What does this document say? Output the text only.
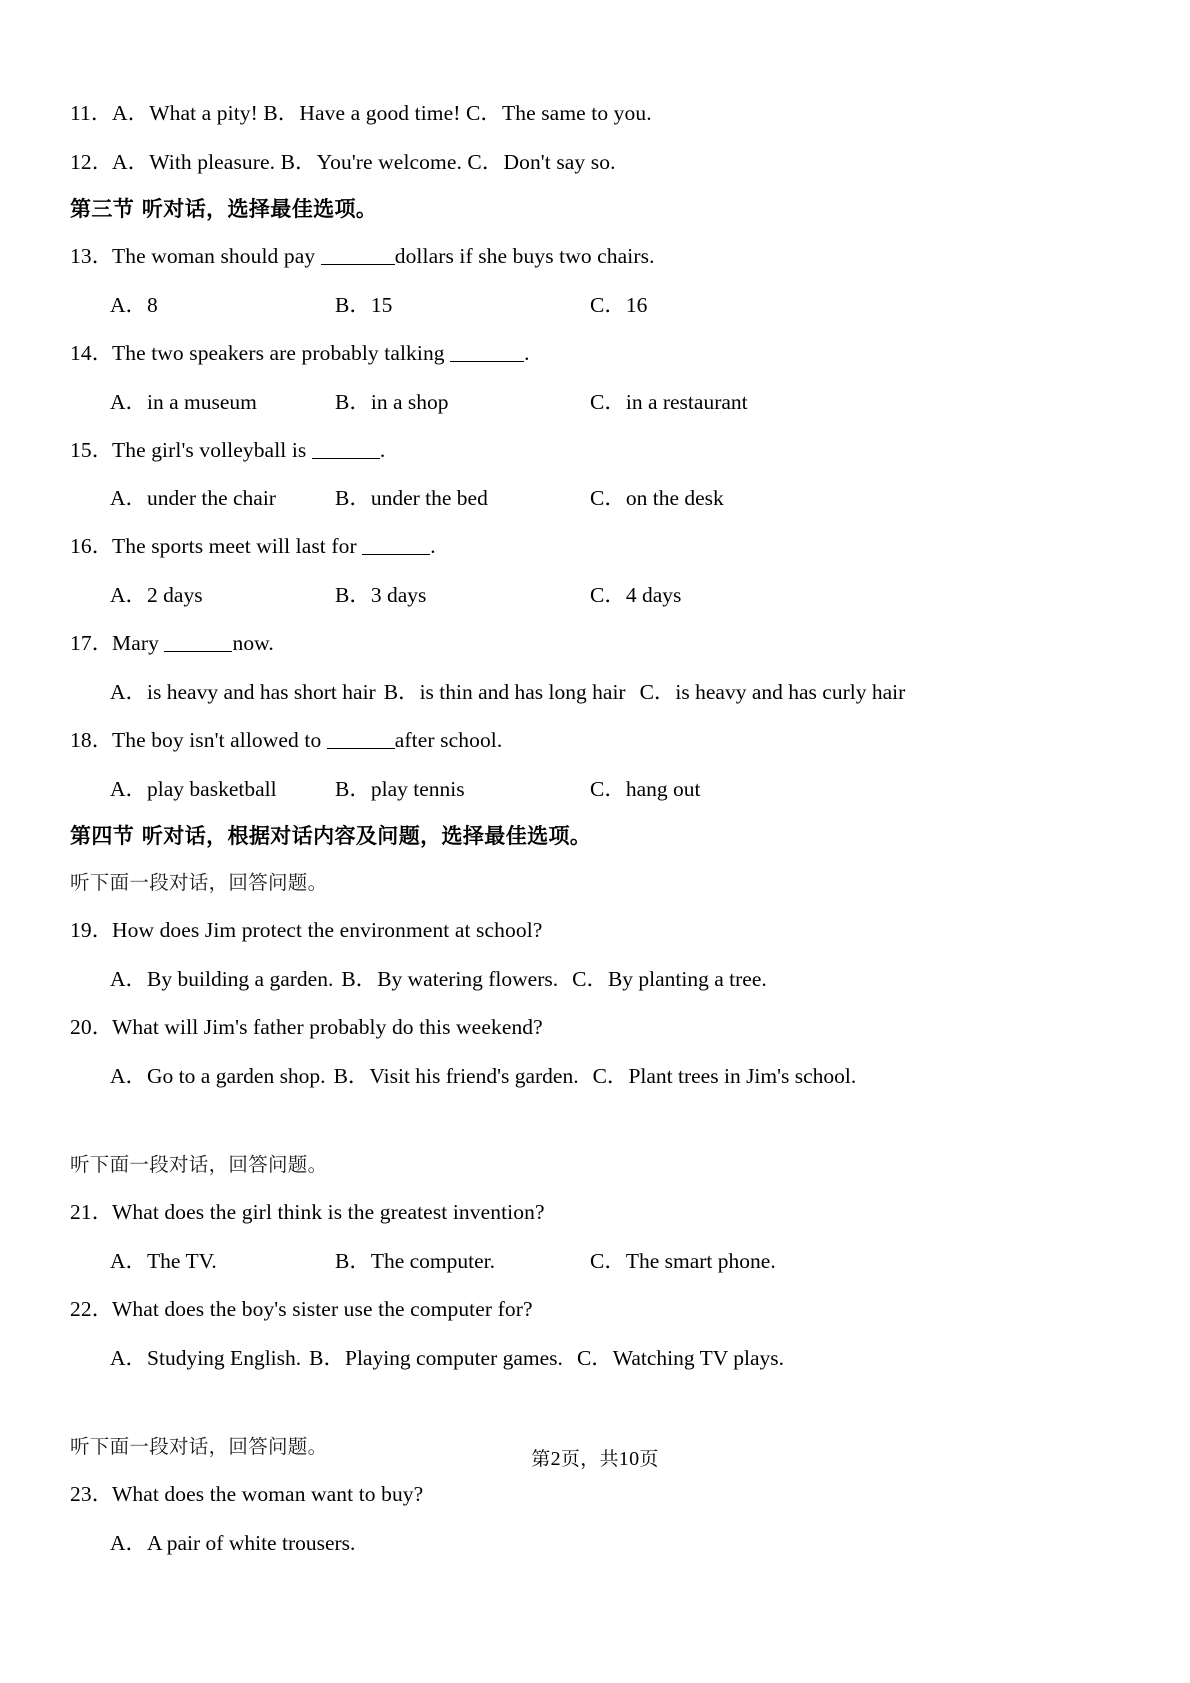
11．A．What a pity! B．Have a good time! C．The same to you.
12．A．With pleasure. B．You're welcome. C．Don't say so.
第三节 听对话，选择最佳选项。
13．The woman should pay	dollars if she buys two chairs.
A．8	B．15	C．16
14．The two speakers are probably talking	.
A．in a museum	B．in a shop	C．in a restaurant
15．The girl's volleyball is	.
A．under the chair	B．under the bed	C．on the desk
16．The sports meet will last for	.
A．2 days	B．3 days	C．4 days
17．Mary	now.
A．is heavy and has short hair B．is thin and has long hair C．is heavy and has curly hair
18．The boy isn't allowed to	after school.
A．play basketball	B．play tennis	C．hang out
第四节 听对话，根据对话内容及问题，选择最佳选项。
听下面一段对话，回答问题。
19．How does Jim protect the environment at school?
A．By building a garden. B．By watering flowers. C．By planting a tree.
20．What will Jim's father probably do this weekend?
A．Go to a garden shop. B．Visit his friend's garden. C．Plant trees in Jim's school.
听下面一段对话，回答问题。
21．What does the girl think is the greatest invention?
A．The TV.	B．The computer.	C．The smart phone.
22．What does the boy's sister use the computer for?
A．Studying English. B．Playing computer games. C．Watching TV plays.
听下面一段对话，回答问题。
23．What does the woman want to buy?
A．A pair of white trousers.
第2页，共10页
